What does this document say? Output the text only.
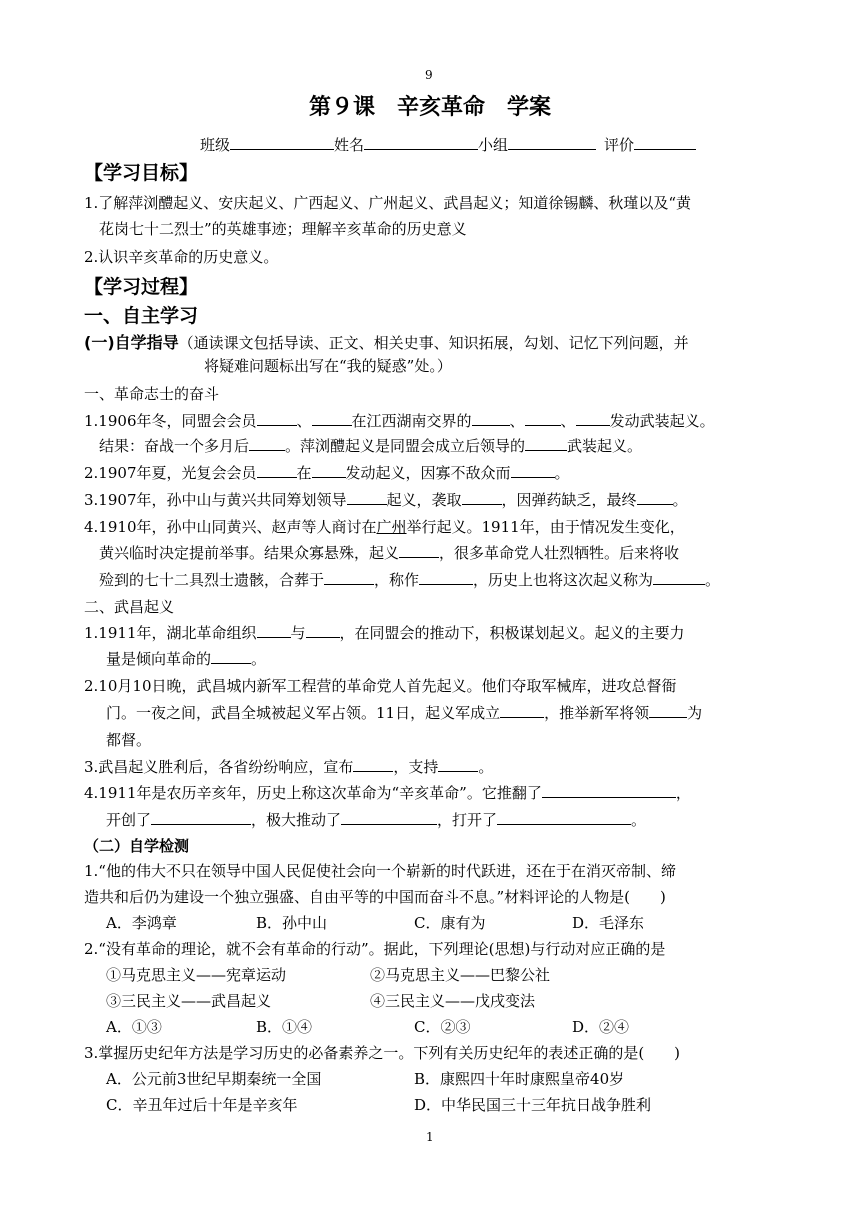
9
第９课　辛亥革命　学案
班级	姓名	小组	评价
【学习目标】
1.了解萍浏醴起义、安庆起义、广西起义、广州起义、武昌起义；知道徐锡麟、秋瑾以及“黄
花岗七十二烈士”的英雄事迹；理解辛亥革命的历史意义
2.认识辛亥革命的历史意义。
【学习过程】
一、自主学习
(一)自学指导（通读课文包括导读、正文、相关史事、知识拓展，勾划、记忆下列问题，并
将疑难问题标出写在“我的疑惑”处。）
一、革命志士的奋斗
1.1906年冬，同盟会会员	、	在江西湖南交界的	、 、 发动武装起义。
结果：奋战一个多月后 。萍浏醴起义是同盟会成立后领导的	武装起义。
2.1907年夏，光复会会员	在 发动起义，因寡不敌众而	。
3.1907年，孙中山与黄兴共同筹划领导	起义，袭取	，因弹药缺乏，最终 。
4.1910年，孙中山同黄兴、赵声等人商讨在广州举行起义。1911年，由于情况发生变化，
黄兴临时决定提前举事。结果众寡悬殊，起义	，很多革命党人壮烈牺牲。后来将收
殓到的七十二具烈士遗骸，合葬于	，称作	，历史上也将这次起义称为	。
二、武昌起义
1.1911年，湖北革命组织 与 ，在同盟会的推动下，积极谋划起义。起义的主要力
量是倾向革命的	。
2.10月10日晚，武昌城内新军工程营的革命党人首先起义。他们夺取军械库，进攻总督衙
门。一夜之间，武昌全城被起义军占领。11日，起义军成立	，推举新军将领	为
都督。
3.武昌起义胜利后，各省纷纷响应，宣布	，支持	。
4.1911年是农历辛亥年，历史上称这次革命为“辛亥革命”。它推翻了	，
开创了	，极大推动了	，打开了	。
（二）自学检测
1.“他的伟大不只在领导中国人民促使社会向一个崭新的时代跃进，还在于在消灭帝制、缔
造共和后仍为建设一个独立强盛、自由平等的中国而奋斗不息。”材料评论的人物是(　　)
A．李鸿章	B．孙中山	C．康有为	D．毛泽东
2.“没有革命的理论，就不会有革命的行动”。据此，下列理论(思想)与行动对应正确的是
①马克思主义——宪章运动	②马克思主义——巴黎公社
③三民主义——武昌起义	④三民主义——戊戌变法
A．①③	B．①④	C．②③	D．②④
3.掌握历史纪年方法是学习历史的必备素养之一。下列有关历史纪年的表述正确的是(　　)
A．公元前3世纪早期秦统一全国	B．康熙四十年时康熙皇帝40岁
C．辛丑年过后十年是辛亥年	D．中华民国三十三年抗日战争胜利
1
